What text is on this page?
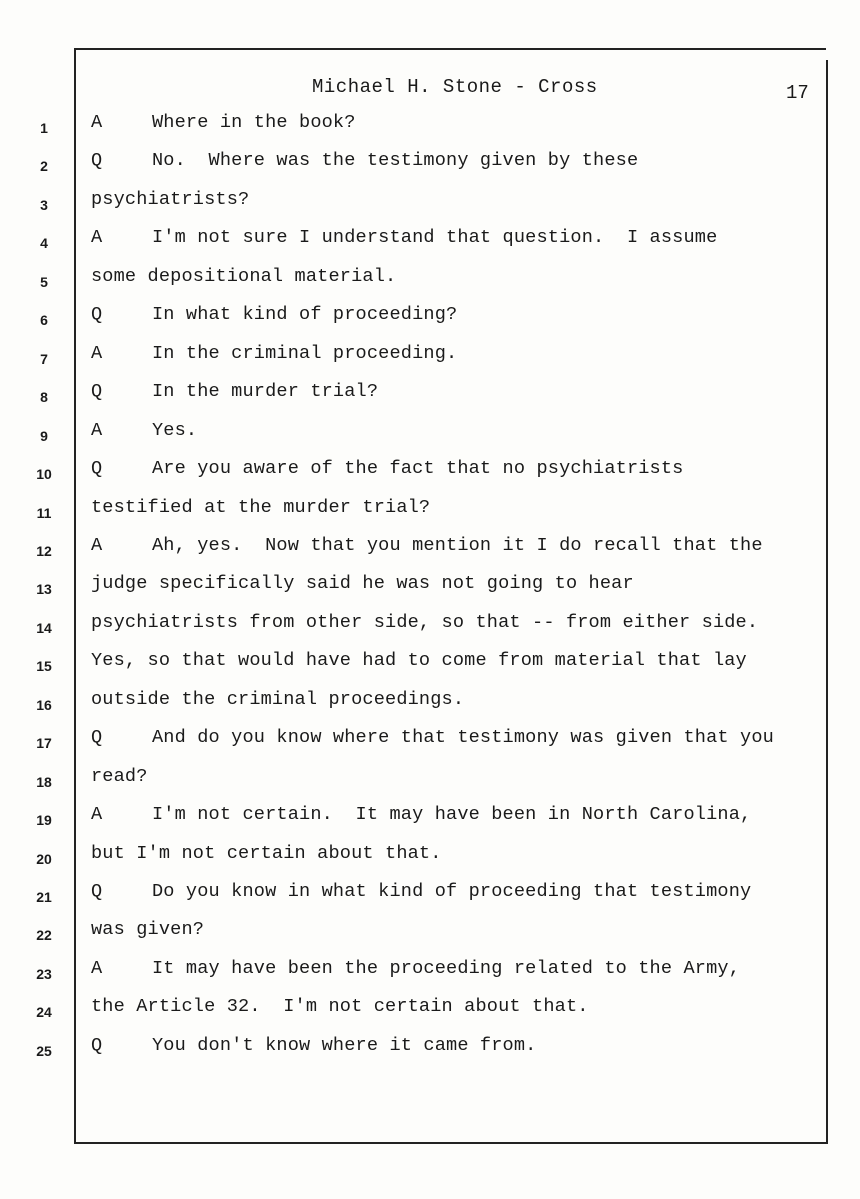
Michael H. Stone - Cross	17
1	A	Where in the book?
2	Q	No.  Where was the testimony given by these
3	psychiatrists?
4	A	I'm not sure I understand that question.  I assume
5	some depositional material.
6	Q	In what kind of proceeding?
7	A	In the criminal proceeding.
8	Q	In the murder trial?
9	A	Yes.
10	Q	Are you aware of the fact that no psychiatrists
11	testified at the murder trial?
12	A	Ah, yes.  Now that you mention it I do recall that the
13	judge specifically said he was not going to hear
14	psychiatrists from other side, so that -- from either side.
15	Yes, so that would have had to come from material that lay
16	outside the criminal proceedings.
17	Q	And do you know where that testimony was given that you
18	read?
19	A	I'm not certain.  It may have been in North Carolina,
20	but I'm not certain about that.
21	Q	Do you know in what kind of proceeding that testimony
22	was given?
23	A	It may have been the proceeding related to the Army,
24	the Article 32.  I'm not certain about that.
25	Q	You don't know where it came from.
